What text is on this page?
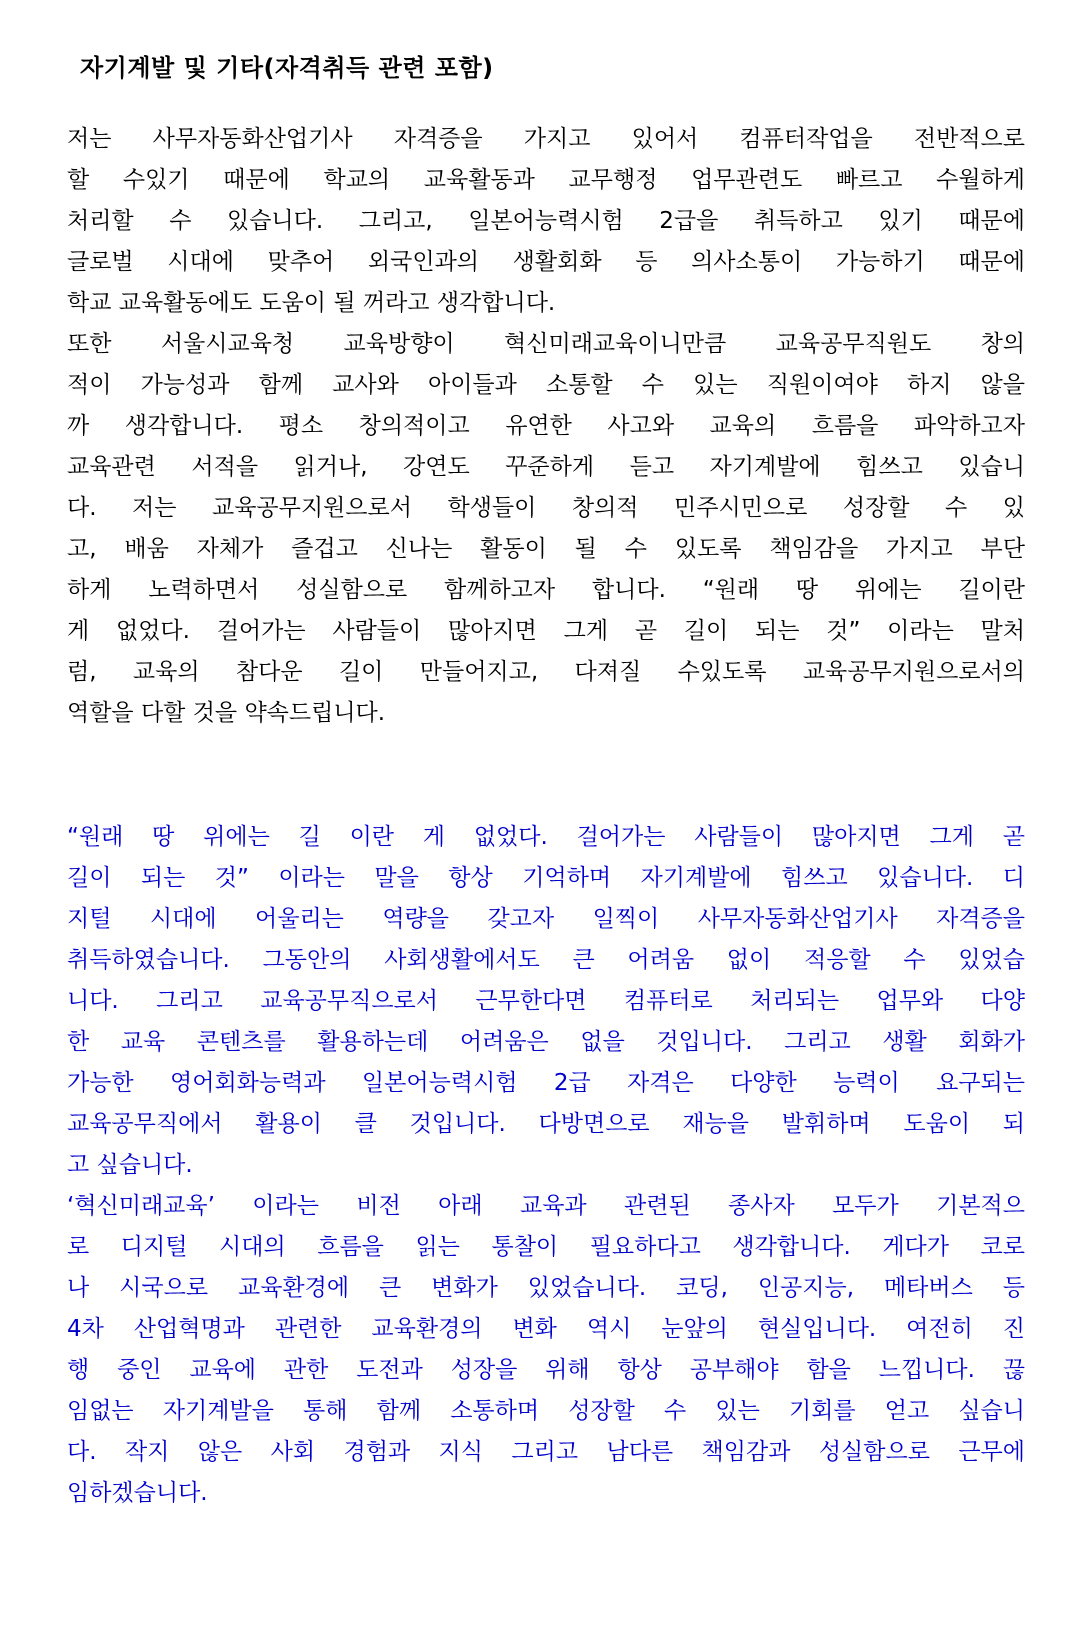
자기계발 및 기타(자격취득 관련 포함)
저는 사무자동화산업기사 자격증을 가지고 있어서 컴퓨터작업을 전반적으로
할 수있기 때문에 학교의 교육활동과 교무행정 업무관련도 빠르고 수월하게
처리할 수 있습니다. 그리고, 일본어능력시험 2급을 취득하고 있기 때문에
글로벌 시대에 맞추어 외국인과의 생활회화 등 의사소통이 가능하기 때문에
학교 교육활동에도 도움이 될 꺼라고 생각합니다.
또한 서울시교육청 교육방향이 혁신미래교육이니만큼 교육공무직원도 창의
적이 가능성과 함께 교사와 아이들과 소통할 수 있는 직원이여야 하지 않을
까 생각합니다. 평소 창의적이고 유연한 사고와 교육의 흐름을 파악하고자
교육관련 서적을 읽거나, 강연도 꾸준하게 듣고 자기계발에 힘쓰고 있습니
다. 저는 교육공무지원으로서 학생들이 창의적 민주시민으로 성장할 수 있
고, 배움 자체가 즐겁고 신나는 활동이 될 수 있도록 책임감을 가지고 부단
하게 노력하면서 성실함으로 함께하고자 합니다. “원래 땅 위에는 길이란
게 없었다. 걸어가는 사람들이 많아지면 그게 곧 길이 되는 것” 이라는 말처
럼, 교육의 참다운 길이 만들어지고, 다져질 수있도록 교육공무지원으로서의
역할을 다할 것을 약속드립니다.
“원래 땅 위에는 길 이란 게 없었다. 걸어가는 사람들이 많아지면 그게 곧
길이 되는 것” 이라는 말을 항상 기억하며 자기계발에 힘쓰고 있습니다. 디
지털 시대에 어울리는 역량을 갖고자 일찍이 사무자동화산업기사 자격증을
취득하였습니다. 그동안의 사회생활에서도 큰 어려움 없이 적응할 수 있었습
니다. 그리고 교육공무직으로서 근무한다면 컴퓨터로 처리되는 업무와 다양
한 교육 콘텐츠를 활용하는데 어려움은 없을 것입니다. 그리고 생활 회화가
가능한 영어회화능력과 일본어능력시험 2급 자격은 다양한 능력이 요구되는
교육공무직에서 활용이 클 것입니다. 다방면으로 재능을 발휘하며 도움이 되
고 싶습니다.
‘혁신미래교육’ 이라는 비전 아래 교육과 관련된 종사자 모두가 기본적으
로 디지털 시대의 흐름을 읽는 통찰이 필요하다고 생각합니다. 게다가 코로
나 시국으로 교육환경에 큰 변화가 있었습니다. 코딩, 인공지능, 메타버스 등
4차 산업혁명과 관련한 교육환경의 변화 역시 눈앞의 현실입니다. 여전히 진
행 중인 교육에 관한 도전과 성장을 위해 항상 공부해야 함을 느낍니다. 끊
임없는 자기계발을 통해 함께 소통하며 성장할 수 있는 기회를 얻고 싶습니
다. 작지 않은 사회 경험과 지식 그리고 남다른 책임감과 성실함으로 근무에
임하겠습니다.
